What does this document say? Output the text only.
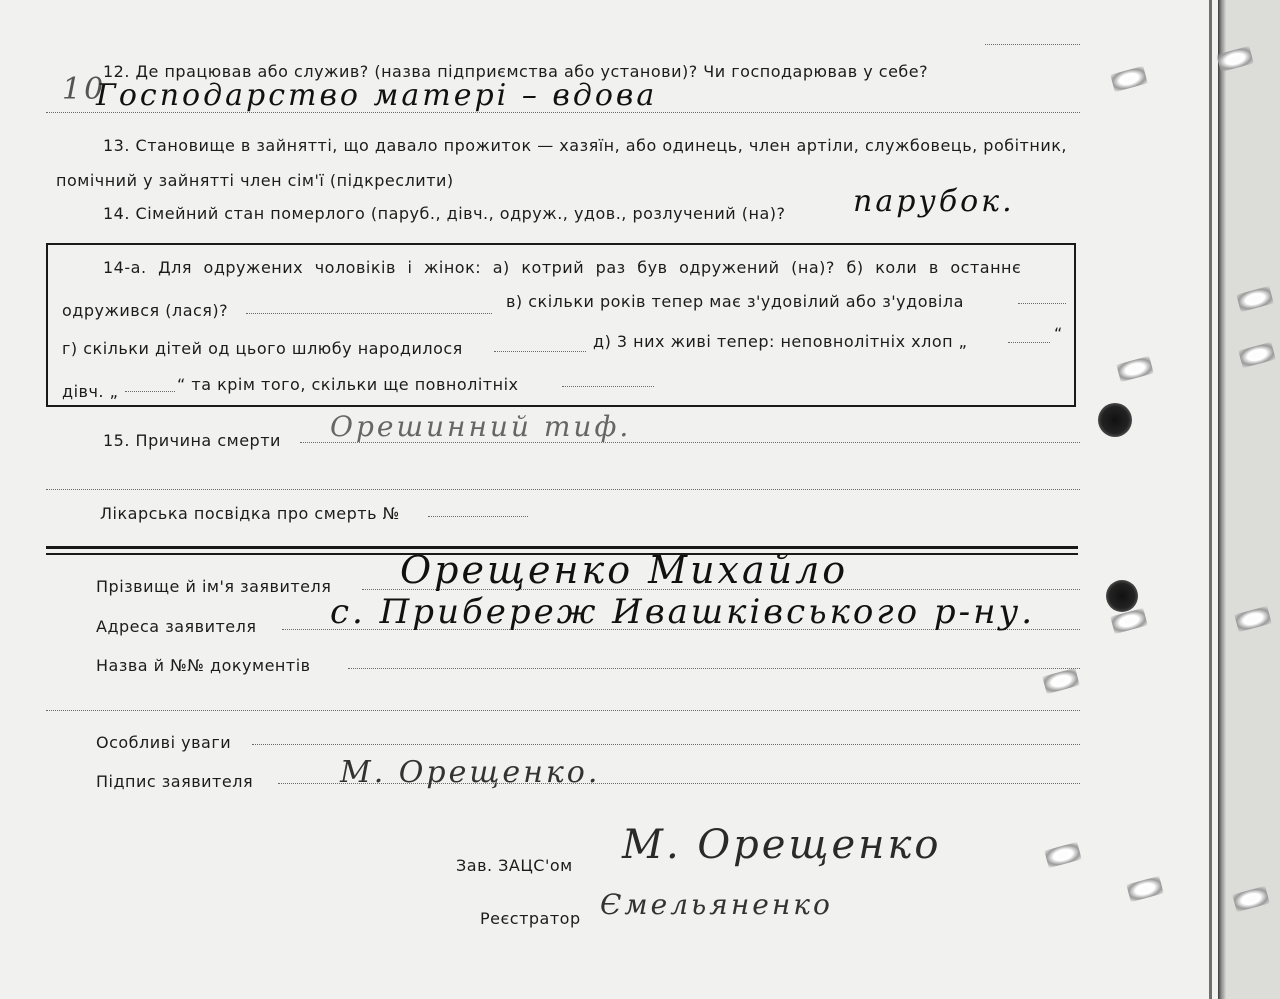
12. Де працював або служив? (назва підприємства або установи)? Чи господарював у себе?
10
Господарство матері – вдова
13. Становище в зайнятті, що давало прожиток — хазяїн, або одинець, член артіли, службовець, робітник,
помічний у зайнятті член сім'ї (підкреслити)
14. Сімейний стан померлого (паруб., дівч., одруж., удов., розлучений (на)? парубок.
14-а. Для одружених чоловіків і жінок: а) котрий раз був одружений (на)? б) коли в останнє
одружився (лася)?	в) скільки років тепер має з'удовілий або з'удовіла
г) скільки дітей од цього шлюбу народилося	д) 3 них живі тепер: неповнолітніх хлоп „	“
дівч. „	“ та крім того, скільки ще повнолітніх
15. Причина смерти Орешинний тиф.
Лікарська посвідка про смерть №
Прізвище й ім'я заявителя Орещенко Михайло
Адреса заявителя с. Прибереж Ивашківського р-ну.
Назва й №№ документів
Особливі уваги
Підпис заявителя	М. Орещенко.
Зав. ЗАЦС'ом М. Орещенко
Реєстратор Ємельяненко
